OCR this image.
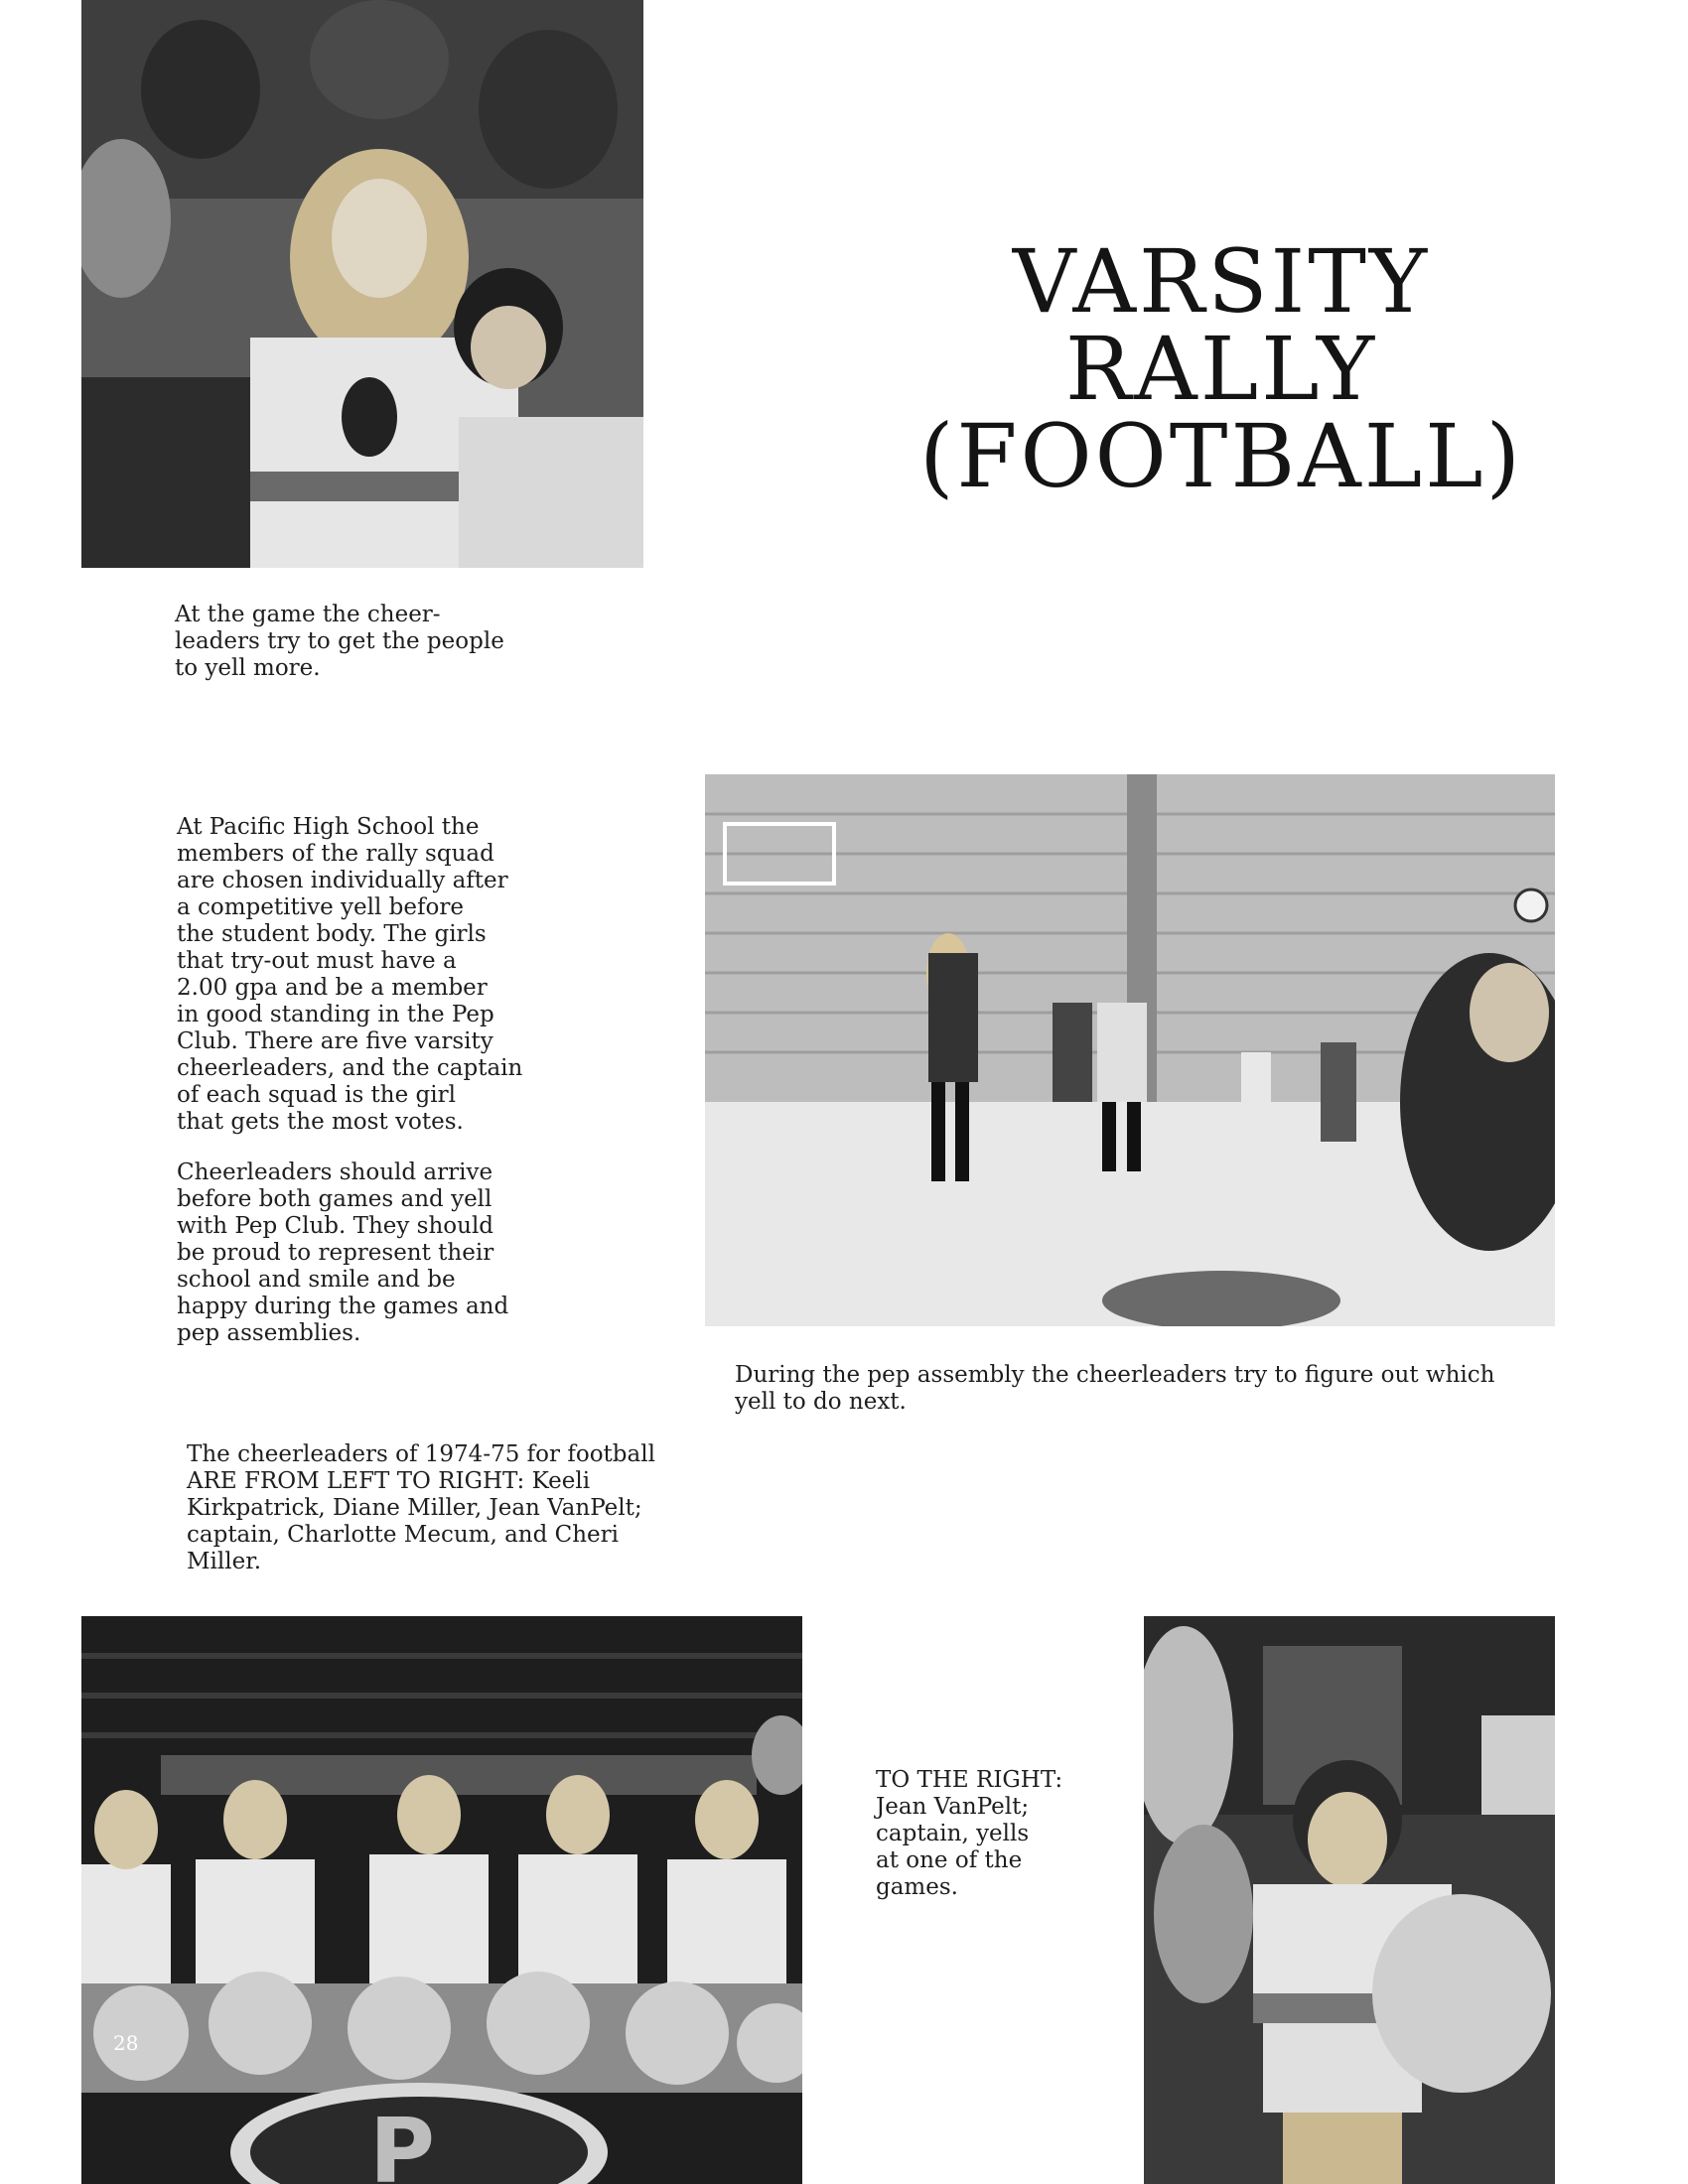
VARSITY
RALLY
(FOOTBALL)

At the game the cheer-
leaders try to get the people
to yell more.

At Pacific High School the
members of the rally squad
are chosen individually after
a competitive yell before
the student body. The girls
that try-out must have a
2.00 gpa and be a member
in good standing in the Pep
Club. There are five varsity
cheerleaders, and the captain
of each squad is the girl
that gets the most votes.

Cheerleaders should arrive
before both games and yell
with Pep Club. They should
be proud to represent their
school and smile and be
happy during the games and
pep assemblies.

During the pep assembly the cheerleaders try to figure out which
yell to do next.

The cheerleaders of 1974-75 for football
ARE FROM LEFT TO RIGHT: Keeli
Kirkpatrick, Diane Miller, Jean VanPelt;
captain, Charlotte Mecum, and Cheri
Miller.

P
28

TO THE RIGHT:
Jean VanPelt;
captain, yells
at one of the
games.
